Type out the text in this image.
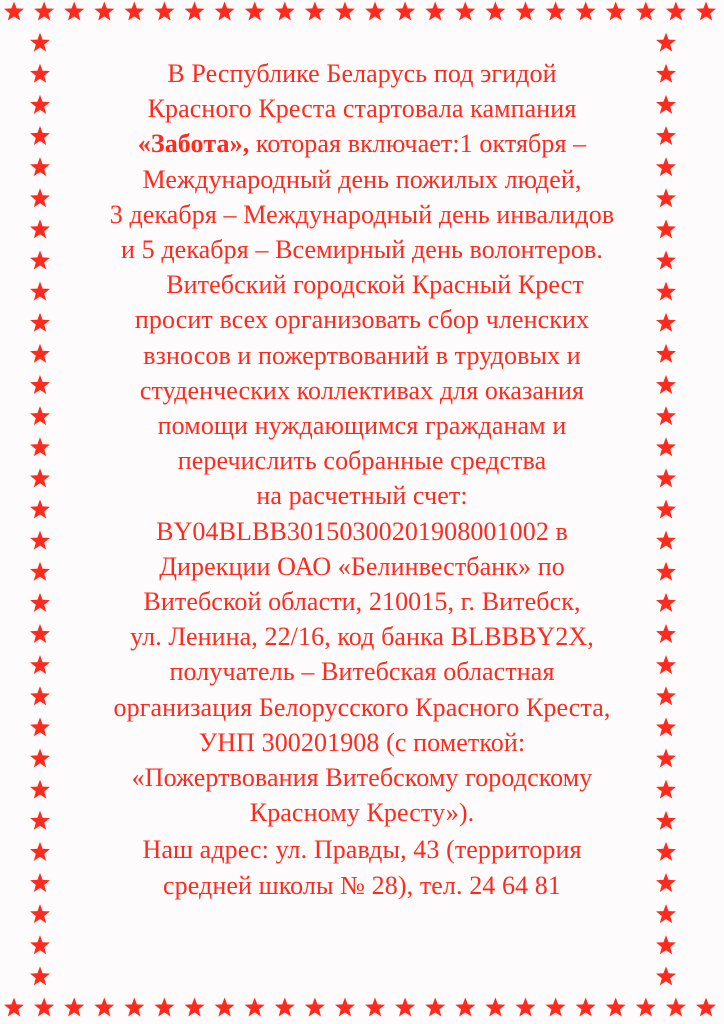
В Республике Беларусь под эгидой
Красного Креста стартовала кампания
«Забота», которая включает:1 октября –
Международный день пожилых людей,
3 декабря – Международный день инвалидов
и 5 декабря – Всемирный день волонтеров.
Витебский городской Красный Крест
просит всех организовать сбор членских
взносов и пожертвований в трудовых и
студенческих коллективах для оказания
помощи нуждающимся гражданам и
перечислить собранные средства
на расчетный счет:
BY04BLBB30150300201908001002 в
Дирекции ОАО «Белинвестбанк» по
Витебской области, 210015, г. Витебск,
ул. Ленина, 22/16, код банка BLBBBY2X,
получатель – Витебская областная
организация Белорусского Красного Креста,
УНП 300201908 (с пометкой:
«Пожертвования Витебскому городскому
Красному Кресту»).
Наш адрес: ул. Правды, 43 (территория
средней школы № 28), тел. 24 64 81
